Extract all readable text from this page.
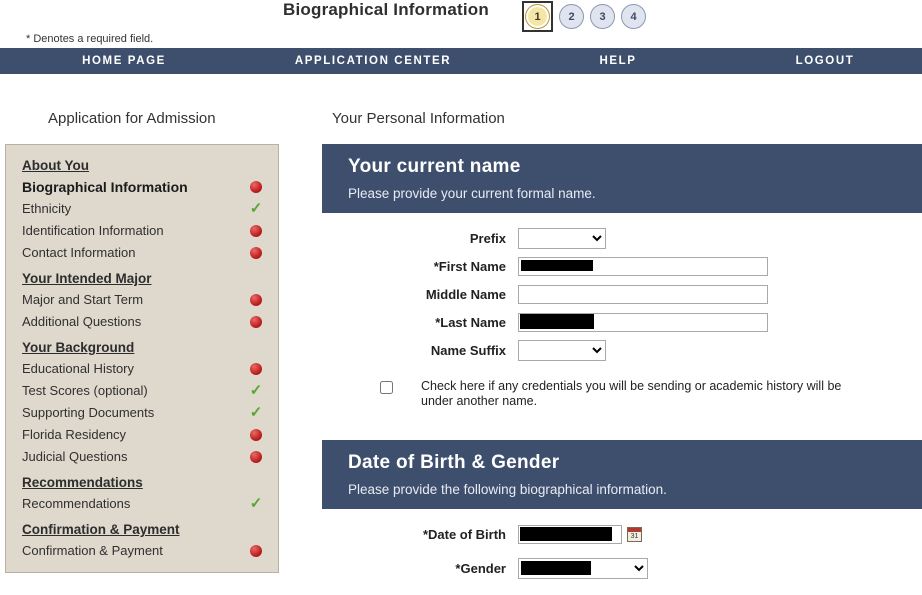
Biographical Information
* Denotes a required field.
1	2	3	4
HOME PAGE	APPLICATION CENTER	HELP	LOGOUT
Application for Admission
About You
Biographical Information
Ethnicity	✓
Identification Information
Contact Information
Your Intended Major
Major and Start Term
Additional Questions
Your Background
Educational History
Test Scores (optional)	✓
Supporting Documents	✓
Florida Residency
Judicial Questions
Recommendations
Recommendations	✓
Confirmation & Payment
Confirmation & Payment
Your Personal Information
Your current name
Please provide your current formal name.
Prefix
*First Name
Middle Name
*Last Name
Name Suffix
Check here if any credentials you will be sending or academic history will be under another name.
Date of Birth & Gender
Please provide the following biographical information.
*Date of Birth	31
*Gender
